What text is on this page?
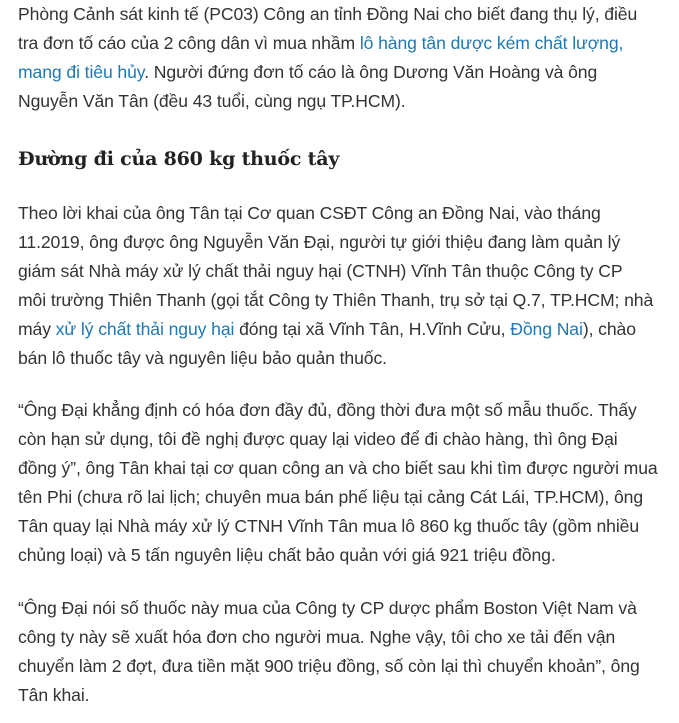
Phòng Cảnh sát kinh tế (PC03) Công an tỉnh Đồng Nai cho biết đang thụ lý, điều tra đơn tố cáo của 2 công dân vì mua nhầm lô hàng tân dược kém chất lượng, mang đi tiêu hủy. Người đứng đơn tố cáo là ông Dương Văn Hoàng và ông Nguyễn Văn Tân (đều 43 tuổi, cùng ngụ TP.HCM).

Đường đi của 860 kg thuốc tây

Theo lời khai của ông Tân tại Cơ quan CSĐT Công an Đồng Nai, vào tháng 11.2019, ông được ông Nguyễn Văn Đại, người tự giới thiệu đang làm quản lý giám sát Nhà máy xử lý chất thải nguy hại (CTNH) Vĩnh Tân thuộc Công ty CP môi trường Thiên Thanh (gọi tắt Công ty Thiên Thanh, trụ sở tại Q.7, TP.HCM; nhà máy xử lý chất thải nguy hại đóng tại xã Vĩnh Tân, H.Vĩnh Cửu, Đồng Nai), chào bán lô thuốc tây và nguyên liệu bảo quản thuốc.

“Ông Đại khẳng định có hóa đơn đầy đủ, đồng thời đưa một số mẫu thuốc. Thấy còn hạn sử dụng, tôi đề nghị được quay lại video để đi chào hàng, thì ông Đại đồng ý”, ông Tân khai tại cơ quan công an và cho biết sau khi tìm được người mua tên Phi (chưa rõ lai lịch; chuyên mua bán phế liệu tại cảng Cát Lái, TP.HCM), ông Tân quay lại Nhà máy xử lý CTNH Vĩnh Tân mua lô 860 kg thuốc tây (gồm nhiều chủng loại) và 5 tấn nguyên liệu chất bảo quản với giá 921 triệu đồng.

“Ông Đại nói số thuốc này mua của Công ty CP dược phẩm Boston Việt Nam và công ty này sẽ xuất hóa đơn cho người mua. Nghe vậy, tôi cho xe tải đến vận chuyển làm 2 đợt, đưa tiền mặt 900 triệu đồng, số còn lại thì chuyển khoản”, ông Tân khai.
